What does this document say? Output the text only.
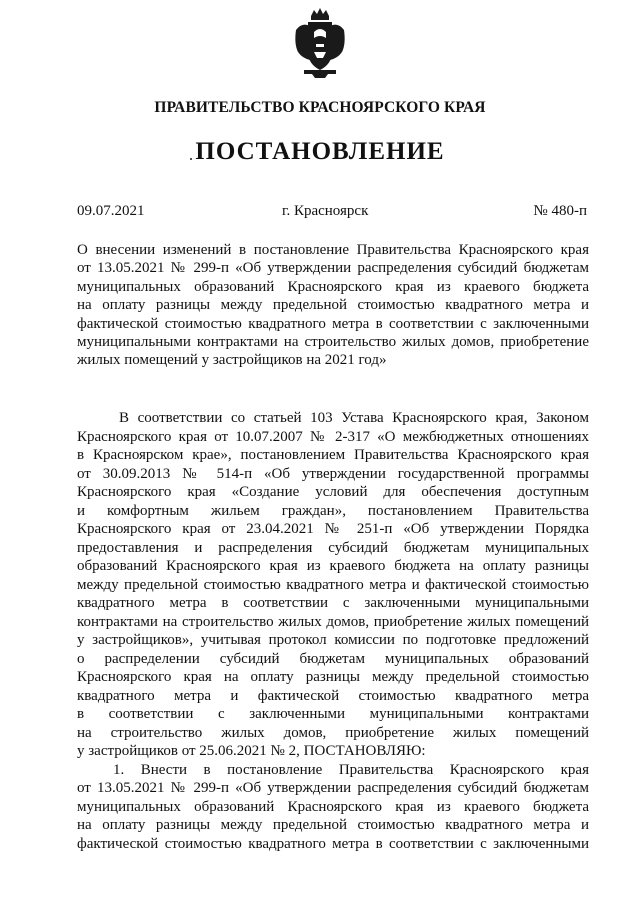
ПРАВИТЕЛЬСТВО КРАСНОЯРСКОГО КРАЯ
ПОСТАНОВЛЕНИЕ
09.07.2021	г. Красноярск	№ 480-п
О внесении изменений в постановление Правительства Красноярского края
от 13.05.2021 № 299-п «Об утверждении распределения субсидий бюджетам
муниципальных образований Красноярского края из краевого бюджета
на оплату разницы между предельной стоимостью квадратного метра и
фактической стоимостью квадратного метра в соответствии с заключенными
муниципальными контрактами на строительство жилых домов, приобретение
жилых помещений у застройщиков на 2021 год»
В соответствии со статьей 103 Устава Красноярского края, Законом
Красноярского края от 10.07.2007 № 2-317 «О межбюджетных отношениях
в Красноярском крае», постановлением Правительства Красноярского края
от 30.09.2013 № 514-п «Об утверждении государственной программы
Красноярского края «Создание условий для обеспечения доступным
и комфортным жильем граждан», постановлением Правительства
Красноярского края от 23.04.2021 № 251-п «Об утверждении Порядка
предоставления и распределения субсидий бюджетам муниципальных
образований Красноярского края из краевого бюджета на оплату разницы
между предельной стоимостью квадратного метра и фактической стоимостью
квадратного метра в соответствии с заключенными муниципальными
контрактами на строительство жилых домов, приобретение жилых помещений
у застройщиков», учитывая протокол комиссии по подготовке предложений
о распределении субсидий бюджетам муниципальных образований
Красноярского края на оплату разницы между предельной стоимостью
квадратного метра и фактической стоимостью квадратного метра
в соответствии с заключенными муниципальными контрактами
на строительство жилых домов, приобретение жилых помещений
у застройщиков от 25.06.2021 № 2, ПОСТАНОВЛЯЮ:
1. Внести в постановление Правительства Красноярского края
от 13.05.2021 № 299-п «Об утверждении распределения субсидий бюджетам
муниципальных образований Красноярского края из краевого бюджета
на оплату разницы между предельной стоимостью квадратного метра и
фактической стоимостью квадратного метра в соответствии с заключенными
